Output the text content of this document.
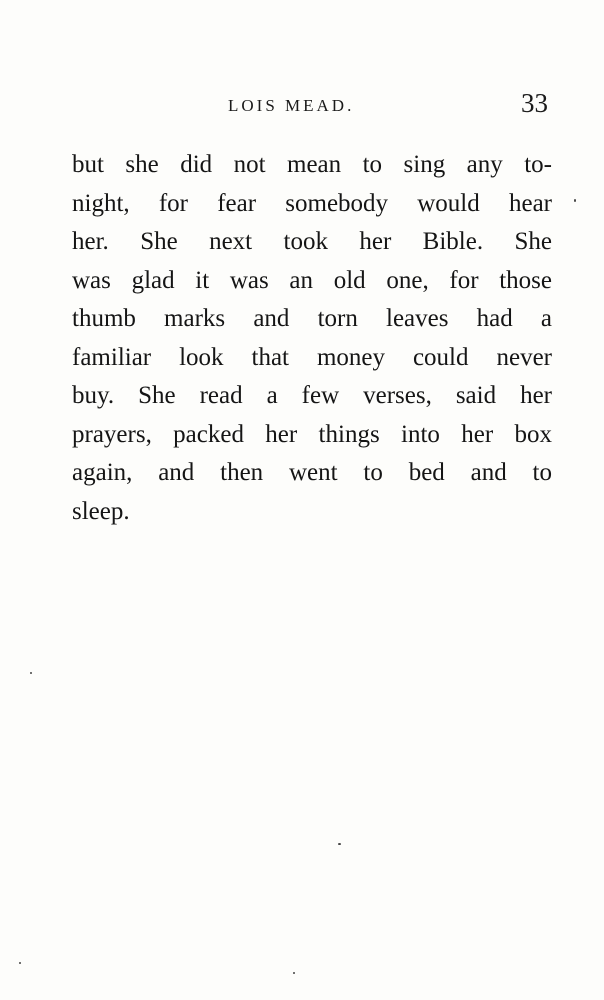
LOIS MEAD.	33
but she did not mean to sing any to-
night, for fear somebody would hear
her. She next took her Bible. She
was glad it was an old one, for those
thumb marks and torn leaves had a
familiar look that money could never
buy. She read a few verses, said her
prayers, packed her things into her box
again, and then went to bed and to
sleep.
